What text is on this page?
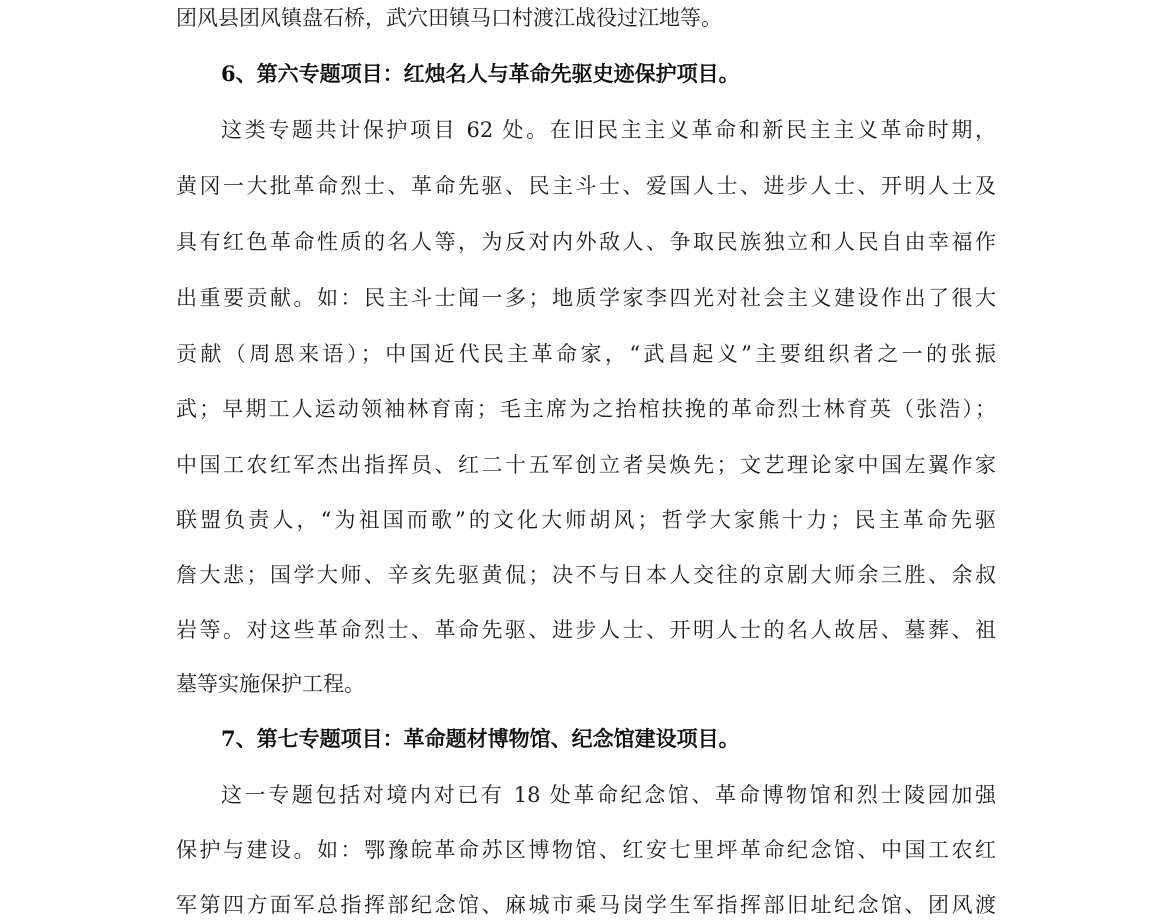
团风县团风镇盘石桥，武穴田镇马口村渡江战役过江地等。
6、第六专题项目：红烛名人与革命先驱史迹保护项目。
这类专题共计保护项目 62 处。在旧民主主义革命和新民主主义革命时期，
黄冈一大批革命烈士、革命先驱、民主斗士、爱国人士、进步人士、开明人士及
具有红色革命性质的名人等，为反对内外敌人、争取民族独立和人民自由幸福作
出重要贡献。如：民主斗士闻一多；地质学家李四光对社会主义建设作出了很大
贡献（周恩来语）；中国近代民主革命家，“武昌起义”主要组织者之一的张振
武；早期工人运动领袖林育南；毛主席为之抬棺扶挽的革命烈士林育英（张浩）；
中国工农红军杰出指挥员、红二十五军创立者吴焕先；文艺理论家中国左翼作家
联盟负责人，“为祖国而歌”的文化大师胡风；哲学大家熊十力；民主革命先驱
詹大悲；国学大师、辛亥先驱黄侃；决不与日本人交往的京剧大师余三胜、余叔
岩等。对这些革命烈士、革命先驱、进步人士、开明人士的名人故居、墓葬、祖
墓等实施保护工程。
7、第七专题项目：革命题材博物馆、纪念馆建设项目。
这一专题包括对境内对已有 18 处革命纪念馆、革命博物馆和烈士陵园加强
保护与建设。如：鄂豫皖革命苏区博物馆、红安七里坪革命纪念馆、中国工农红
军第四方面军总指挥部纪念馆、麻城市乘马岗学生军指挥部旧址纪念馆、团风渡
